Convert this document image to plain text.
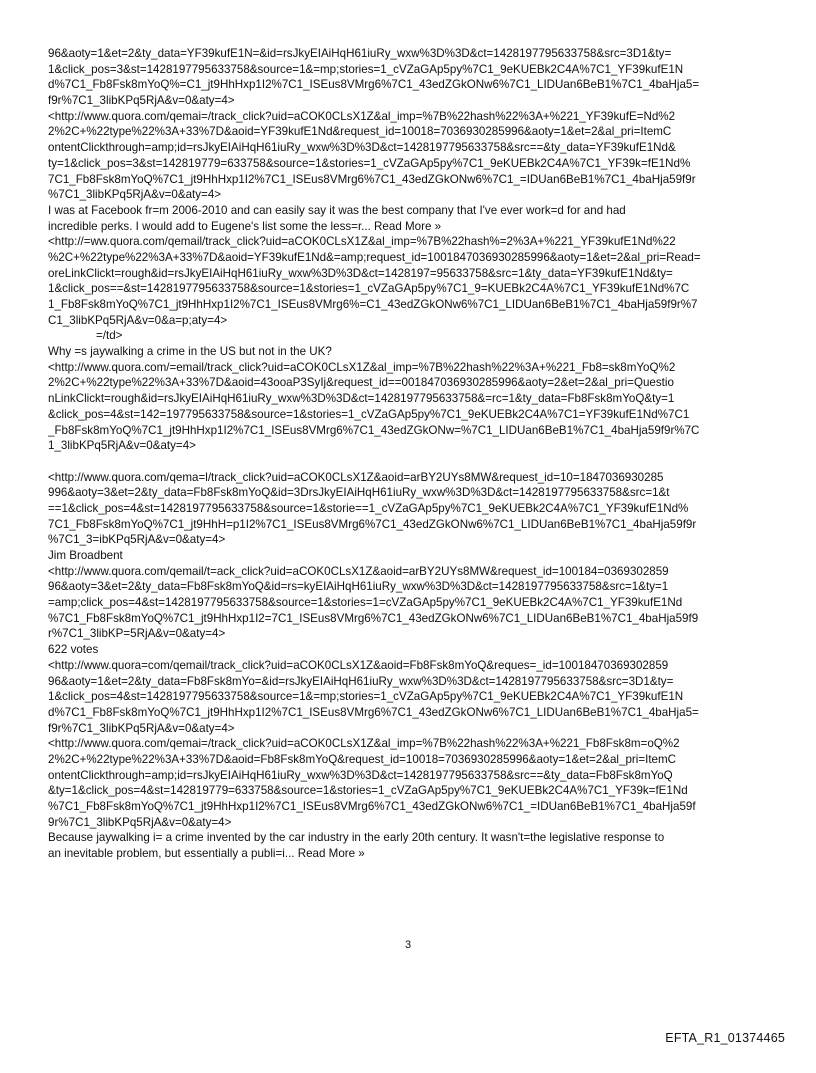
96&aoty=1&et=2&ty_data=YF39kufE1N=&id=rsJkyEIAiHqH61iuRy_wxw%3D%3D&ct=1428197795633758&src=3D1&ty=
1&click_pos=3&st=1428197795633758&source=1&=mp;stories=1_cVZaGAp5py%7C1_9eKUEBk2C4A%7C1_YF39kufE1N
d%7C1_Fb8Fsk8mYoQ%=C1_jt9HhHxp1I2%7C1_ISEus8VMrg6%7C1_43edZGkONw6%7C1_LIDUan6BeB1%7C1_4baHja5=
f9r%7C1_3libKPq5RjA&v=0&aty=4>
<http://www.quora.com/qemai=/track_click?uid=aCOK0CLsX1Z&al_imp=%7B%22hash%22%3A+%221_YF39kufE=Nd%2
2%2C+%22type%22%3A+33%7D&aoid=YF39kufE1Nd&request_id=10018=7036930285996&aoty=1&et=2&al_pri=ItemC
ontentClickthrough=amp;id=rsJkyEIAiHqH61iuRy_wxw%3D%3D&ct=1428197795633758&src==&ty_data=YF39kufE1Nd&
ty=1&click_pos=3&st=142819779=633758&source=1&stories=1_cVZaGAp5py%7C1_9eKUEBk2C4A%7C1_YF39k=fE1Nd%
7C1_Fb8Fsk8mYoQ%7C1_jt9HhHxp1I2%7C1_ISEus8VMrg6%7C1_43edZGkONw6%7C1_=IDUan6BeB1%7C1_4baHja59f9r
%7C1_3libKPq5RjA&v=0&aty=4>
I was at Facebook fr=m 2006-2010 and can easily say it was the best company that I've ever work=d for and had
incredible perks. I would add to Eugene's list some the less=r... Read More »
<http://=ww.quora.com/qemail/track_click?uid=aCOK0CLsX1Z&al_imp=%7B%22hash%=2%3A+%221_YF39kufE1Nd%22
%2C+%22type%22%3A+33%7D&aoid=YF39kufE1Nd&=amp;request_id=1001847036930285996&aoty=1&et=2&al_pri=Read=
oreLinkClickt=rough&id=rsJkyEIAiHqH61iuRy_wxw%3D%3D&ct=1428197=95633758&src=1&ty_data=YF39kufE1Nd&ty=
1&click_pos==&st=1428197795633758&source=1&stories=1_cVZaGAp5py%7C1_9=KUEBk2C4A%7C1_YF39kufE1Nd%7C
1_Fb8Fsk8mYoQ%7C1_jt9HhHxp1I2%7C1_ISEus8VMrg6%=C1_43edZGkONw6%7C1_LIDUan6BeB1%7C1_4baHja59f9r%7
C1_3libKPq5RjA&v=0&a=p;aty=4>
=/td>
Why =s jaywalking a crime in the US but not in the UK?
<http://www.quora.com/=email/track_click?uid=aCOK0CLsX1Z&al_imp=%7B%22hash%22%3A+%221_Fb8=sk8mYoQ%2
2%2C+%22type%22%3A+33%7D&aoid=43ooaP3SyIj&request_id==001847036930285996&aoty=2&et=2&al_pri=Questio
nLinkClickt=rough&id=rsJkyEIAiHqH61iuRy_wxw%3D%3D&ct=1428197795633758&=rc=1&ty_data=Fb8Fsk8mYoQ&ty=1
&click_pos=4&st=142=197795633758&source=1&stories=1_cVZaGAp5py%7C1_9eKUEBk2C4A%7C1=YF39kufE1Nd%7C1
_Fb8Fsk8mYoQ%7C1_jt9HhHxp1I2%7C1_ISEus8VMrg6%7C1_43edZGkONw=%7C1_LIDUan6BeB1%7C1_4baHja59f9r%7C
1_3libKPq5RjA&v=0&aty=4>
<http://www.quora.com/qema=l/track_click?uid=aCOK0CLsX1Z&aoid=arBY2UYs8MW&request_id=10=1847036930285
996&aoty=3&et=2&ty_data=Fb8Fsk8mYoQ&id=3DrsJkyEIAiHqH61iuRy_wxw%3D%3D&ct=1428197795633758&src=1&t
==1&click_pos=4&st=1428197795633758&source=1&storie==1_cVZaGAp5py%7C1_9eKUEBk2C4A%7C1_YF39kufE1Nd%
7C1_Fb8Fsk8mYoQ%7C1_jt9HhH=p1I2%7C1_ISEus8VMrg6%7C1_43edZGkONw6%7C1_LIDUan6BeB1%7C1_4baHja59f9r
%7C1_3=ibKPq5RjA&v=0&aty=4>
Jim Broadbent
<http://www.quora.com/qemail/t=ack_click?uid=aCOK0CLsX1Z&aoid=arBY2UYs8MW&request_id=100184=0369302859
96&aoty=3&et=2&ty_data=Fb8Fsk8mYoQ&id=rs=kyEIAiHqH61iuRy_wxw%3D%3D&ct=1428197795633758&src=1&ty=1
=amp;click_pos=4&st=1428197795633758&source=1&stories=1=cVZaGAp5py%7C1_9eKUEBk2C4A%7C1_YF39kufE1Nd
%7C1_Fb8Fsk8mYoQ%7C1_jt9HhHxp1I2=7C1_ISEus8VMrg6%7C1_43edZGkONw6%7C1_LIDUan6BeB1%7C1_4baHja59f9
r%7C1_3libKP=5RjA&v=0&aty=4>
622 votes
<http://www.quora=com/qemail/track_click?uid=aCOK0CLsX1Z&aoid=Fb8Fsk8mYoQ&reques=_id=10018470369302859
96&aoty=1&et=2&ty_data=Fb8Fsk8mYo=&id=rsJkyEIAiHqH61iuRy_wxw%3D%3D&ct=1428197795633758&src=3D1&ty=
1&click_pos=4&st=1428197795633758&source=1&=mp;stories=1_cVZaGAp5py%7C1_9eKUEBk2C4A%7C1_YF39kufE1N
d%7C1_Fb8Fsk8mYoQ%7C1_jt9HhHxp1I2%7C1_ISEus8VMrg6%7C1_43edZGkONw6%7C1_LIDUan6BeB1%7C1_4baHja5=
f9r%7C1_3libKPq5RjA&v=0&aty=4>
<http://www.quora.com/qemai=/track_click?uid=aCOK0CLsX1Z&al_imp=%7B%22hash%22%3A+%221_Fb8Fsk8m=oQ%2
2%2C+%22type%22%3A+33%7D&aoid=Fb8Fsk8mYoQ&request_id=10018=7036930285996&aoty=1&et=2&al_pri=ItemC
ontentClickthrough=amp;id=rsJkyEIAiHqH61iuRy_wxw%3D%3D&ct=1428197795633758&src==&ty_data=Fb8Fsk8mYoQ
&ty=1&click_pos=4&st=142819779=633758&source=1&stories=1_cVZaGAp5py%7C1_9eKUEBk2C4A%7C1_YF39k=fE1Nd
%7C1_Fb8Fsk8mYoQ%7C1_jt9HhHxp1I2%7C1_ISEus8VMrg6%7C1_43edZGkONw6%7C1_=IDUan6BeB1%7C1_4baHja59f
9r%7C1_3libKPq5RjA&v=0&aty=4>
Because jaywalking i= a crime invented by the car industry in the early 20th century. It wasn't=the legislative response to
an inevitable problem, but essentially a publi=i... Read More »
3
EFTA_R1_01374465
